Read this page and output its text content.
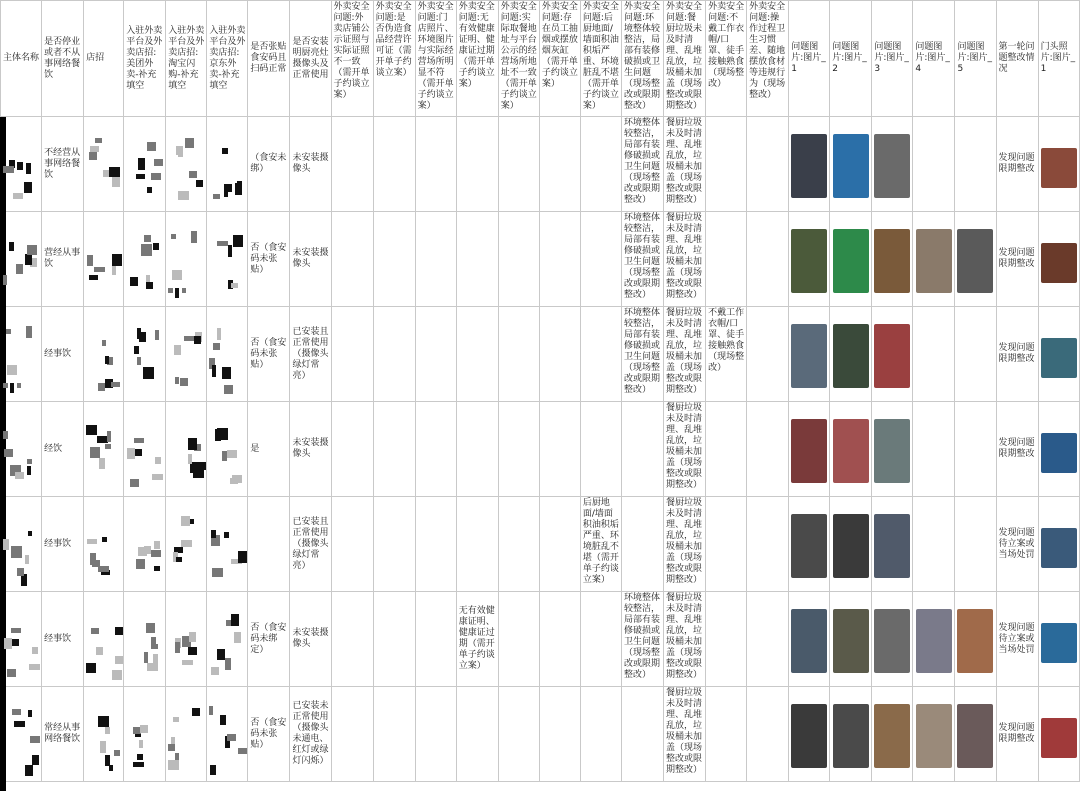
主体名称	是否停业或者不从事网络餐饮	店招	入驻外卖平台及外卖店招:美团外卖-补充填空	入驻外卖平台及外卖店招:淘宝闪购-补充填空	入驻外卖平台及外卖店招:京东外卖-补充填空	是否张贴食安码且扫码正常	是否安装明厨亮灶摄像头及正常使用	外卖安全问题:外卖店铺公示证照与实际证照不一致（需开单子约谈立案）	外卖安全问题:是否伪造食品经营许可证（需开单子约谈立案）	外卖安全问题:门店照片、环境图片与实际经营场所明显不符（需开单子约谈立案）	外卖安全问题:无有效健康证明、健康证过期（需开单子约谈立案）	外卖安全问题:实际取餐地址与平台公示的经营场所地址不一致（需开单子约谈立案）	外卖安全问题:存在员工抽烟或摆放烟灰缸（需开单子约谈立案）	外卖安全问题:后厨地面/墙面积油积垢严重、环境脏乱不堪（需开单子约谈立案）	外卖安全问题:环境整体较整洁，局部有装修破损或卫生问题（现场整改或限期整改）	外卖安全问题:餐厨垃圾未及时清理、乱堆乱放，垃圾桶未加盖（现场整改或限期整改）	外卖安全问题:不戴工作衣帽/口罩、徒手接触熟食（现场整改）	外卖安全问题:操作过程卫生习惯差、随地摆放食材等违规行为（现场整改）	问题图片:图片_1	问题图片:图片_2	问题图片:图片_3	问题图片:图片_4	问题图片:图片_5	第一轮问题整改情况	门头照片:图片_1

	不经营从事网络餐饮					（食安未绑）	未安装摄像头								环境整体较整洁，局部有装修破损或卫生问题（现场整改或限期整改）	餐厨垃圾未及时清理、乱堆乱放，垃圾桶未加盖（现场整改或限期整改）								发现问题限期整改	

	营经从事饮					否（食安码未张贴）	未安装摄像头								环境整体较整洁，局部有装修破损或卫生问题（现场整改或限期整改）	餐厨垃圾未及时清理、乱堆乱放，垃圾桶未加盖（现场整改或限期整改）								发现问题限期整改	

	经事饮					否（食安码未张贴）	已安装且正常使用（摄像头绿灯常亮）								环境整体较整洁，局部有装修破损或卫生问题（现场整改或限期整改）	餐厨垃圾未及时清理、乱堆乱放，垃圾桶未加盖（现场整改或限期整改）	不戴工作衣帽/口罩、徒手接触熟食（现场整改）							发现问题限期整改	

	经饮					是	未安装摄像头									餐厨垃圾未及时清理、乱堆乱放，垃圾桶未加盖（现场整改或限期整改）								发现问题限期整改	

	经事饮						已安装且正常使用（摄像头绿灯常亮）							后厨地面/墙面积油积垢严重、环境脏乱不堪（需开单子约谈立案）		餐厨垃圾未及时清理、乱堆乱放，垃圾桶未加盖（现场整改或限期整改）								发现问题待立案或当场处罚	

	经事饮					否（食安码未绑定）	未安装摄像头				无有效健康证明、健康证过期（需开单子约谈立案）				环境整体较整洁，局部有装修破损或卫生问题（现场整改或限期整改）	餐厨垃圾未及时清理、乱堆乱放，垃圾桶未加盖（现场整改或限期整改）								发现问题待立案或当场处罚	

	常经从事网络餐饮					否（食安码未张贴）	已安装未正常使用（摄像头未通电、红灯或绿灯闪烁）									餐厨垃圾未及时清理、乱堆乱放，垃圾桶未加盖（现场整改或限期整改）								发现问题限期整改	
